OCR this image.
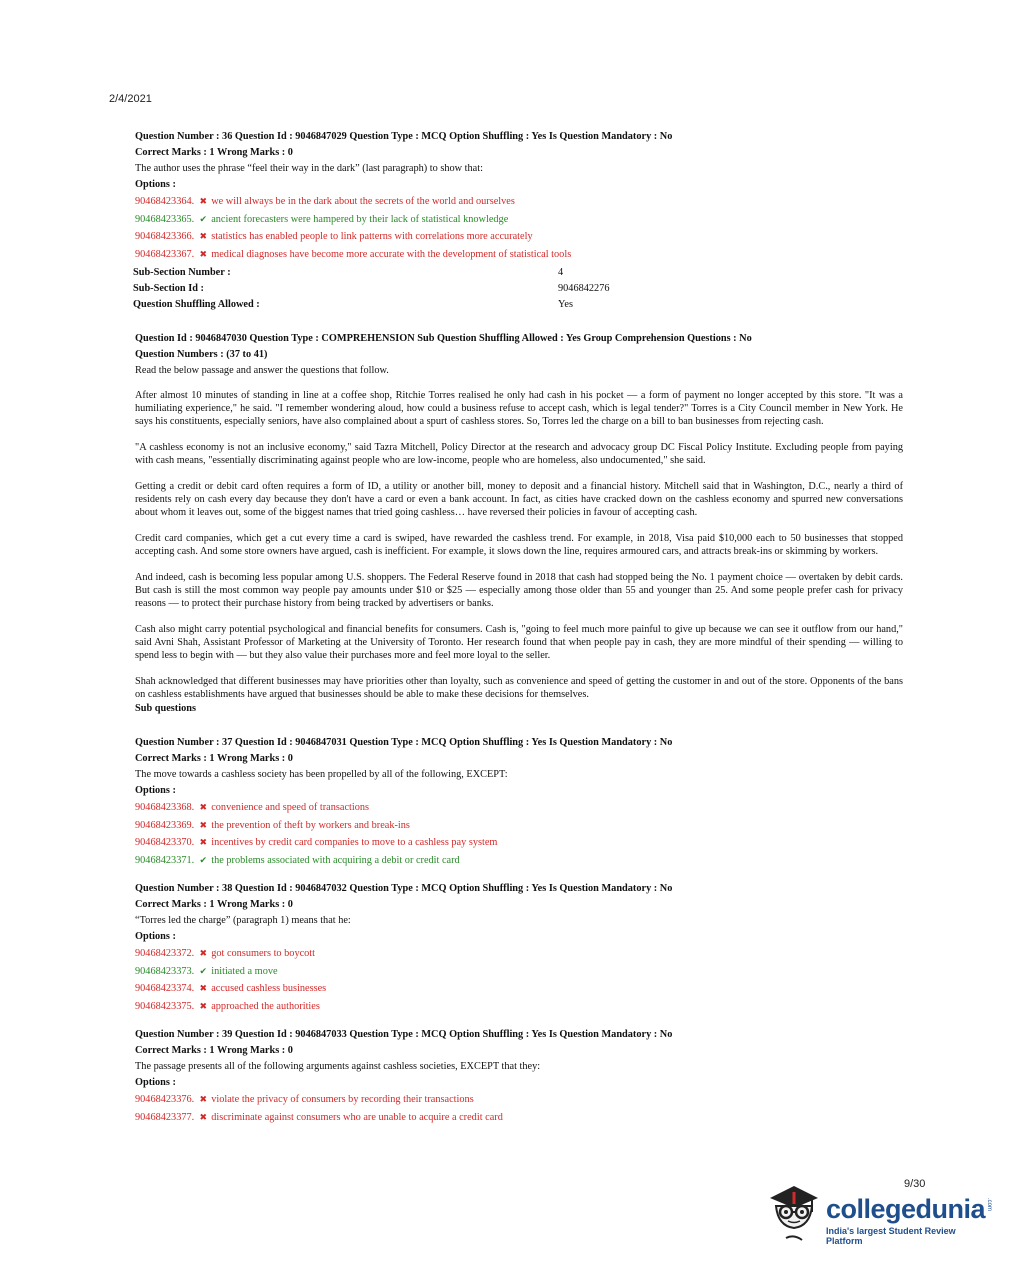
2/4/2021
Question Number : 36 Question Id : 9046847029 Question Type : MCQ Option Shuffling : Yes Is Question Mandatory : No
Correct Marks : 1 Wrong Marks : 0
The author uses the phrase “feel their way in the dark” (last paragraph) to show that:
Options :
90468423364. ✖ we will always be in the dark about the secrets of the world and ourselves
90468423365. ✔ ancient forecasters were hampered by their lack of statistical knowledge
90468423366. ✖ statistics has enabled people to link patterns with correlations more accurately
90468423367. ✖ medical diagnoses have become more accurate with the development of statistical tools
Sub-Section Number :	4
Sub-Section Id :	9046842276
Question Shuffling Allowed :	Yes
Question Id : 9046847030 Question Type : COMPREHENSION Sub Question Shuffling Allowed : Yes Group Comprehension Questions : No
Question Numbers : (37 to 41)
Read the below passage and answer the questions that follow.

After almost 10 minutes of standing in line at a coffee shop, Ritchie Torres realised he only had cash in his pocket — a form of payment no longer accepted by this store. "It was a humiliating experience," he said. "I remember wondering aloud, how could a business refuse to accept cash, which is legal tender?" Torres is a City Council member in New York. He says his constituents, especially seniors, have also complained about a spurt of cashless stores. So, Torres led the charge on a bill to ban businesses from rejecting cash.

"A cashless economy is not an inclusive economy," said Tazra Mitchell, Policy Director at the research and advocacy group DC Fiscal Policy Institute. Excluding people from paying with cash means, "essentially discriminating against people who are low-income, people who are homeless, also undocumented," she said.

Getting a credit or debit card often requires a form of ID, a utility or another bill, money to deposit and a financial history. Mitchell said that in Washington, D.C., nearly a third of residents rely on cash every day because they don't have a card or even a bank account. In fact, as cities have cracked down on the cashless economy and spurred new conversations about whom it leaves out, some of the biggest names that tried going cashless… have reversed their policies in favour of accepting cash.

Credit card companies, which get a cut every time a card is swiped, have rewarded the cashless trend. For example, in 2018, Visa paid $10,000 each to 50 businesses that stopped accepting cash. And some store owners have argued, cash is inefficient. For example, it slows down the line, requires armoured cars, and attracts break-ins or skimming by workers.

And indeed, cash is becoming less popular among U.S. shoppers. The Federal Reserve found in 2018 that cash had stopped being the No. 1 payment choice — overtaken by debit cards. But cash is still the most common way people pay amounts under $10 or $25 — especially among those older than 55 and younger than 25. And some people prefer cash for privacy reasons — to protect their purchase history from being tracked by advertisers or banks.

Cash also might carry potential psychological and financial benefits for consumers. Cash is, "going to feel much more painful to give up because we can see it outflow from our hand," said Avni Shah, Assistant Professor of Marketing at the University of Toronto. Her research found that when people pay in cash, they are more mindful of their spending — willing to spend less to begin with — but they also value their purchases more and feel more loyal to the seller.

Shah acknowledged that different businesses may have priorities other than loyalty, such as convenience and speed of getting the customer in and out of the store. Opponents of the bans on cashless establishments have argued that businesses should be able to make these decisions for themselves.

Sub questions
Question Number : 37 Question Id : 9046847031 Question Type : MCQ Option Shuffling : Yes Is Question Mandatory : No
Correct Marks : 1 Wrong Marks : 0
The move towards a cashless society has been propelled by all of the following, EXCEPT:
Options :
90468423368. ✖ convenience and speed of transactions
90468423369. ✖ the prevention of theft by workers and break-ins
90468423370. ✖ incentives by credit card companies to move to a cashless pay system
90468423371. ✔ the problems associated with acquiring a debit or credit card
Question Number : 38 Question Id : 9046847032 Question Type : MCQ Option Shuffling : Yes Is Question Mandatory : No
Correct Marks : 1 Wrong Marks : 0
“Torres led the charge” (paragraph 1) means that he:
Options :
90468423372. ✖ got consumers to boycott
90468423373. ✔ initiated a move
90468423374. ✖ accused cashless businesses
90468423375. ✖ approached the authorities
Question Number : 39 Question Id : 9046847033 Question Type : MCQ Option Shuffling : Yes Is Question Mandatory : No
Correct Marks : 1 Wrong Marks : 0
The passage presents all of the following arguments against cashless societies, EXCEPT that they:
Options :
90468423376. ✖ violate the privacy of consumers by recording their transactions
90468423377. ✖ discriminate against consumers who are unable to acquire a credit card
9/30
collegedunia .com
India's largest Student Review Platform
